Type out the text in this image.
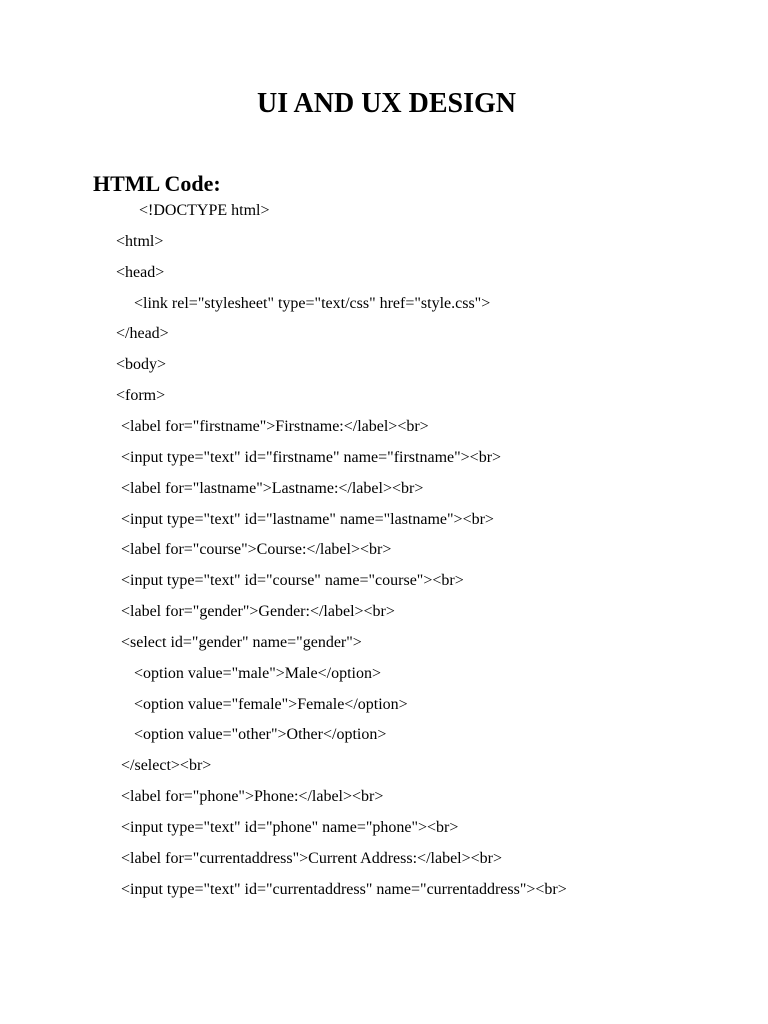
UI AND UX DESIGN
HTML Code:
<!DOCTYPE html>
<html>
<head>
<link rel="stylesheet" type="text/css" href="style.css">
</head>
<body>
<form>
<label for="firstname">Firstname:</label><br>
<input type="text" id="firstname" name="firstname"><br>
<label for="lastname">Lastname:</label><br>
<input type="text" id="lastname" name="lastname"><br>
<label for="course">Course:</label><br>
<input type="text" id="course" name="course"><br>
<label for="gender">Gender:</label><br>
<select id="gender" name="gender">
<option value="male">Male</option>
<option value="female">Female</option>
<option value="other">Other</option>
</select><br>
<label for="phone">Phone:</label><br>
<input type="text" id="phone" name="phone"><br>
<label for="currentaddress">Current Address:</label><br>
<input type="text" id="currentaddress" name="currentaddress"><br>
